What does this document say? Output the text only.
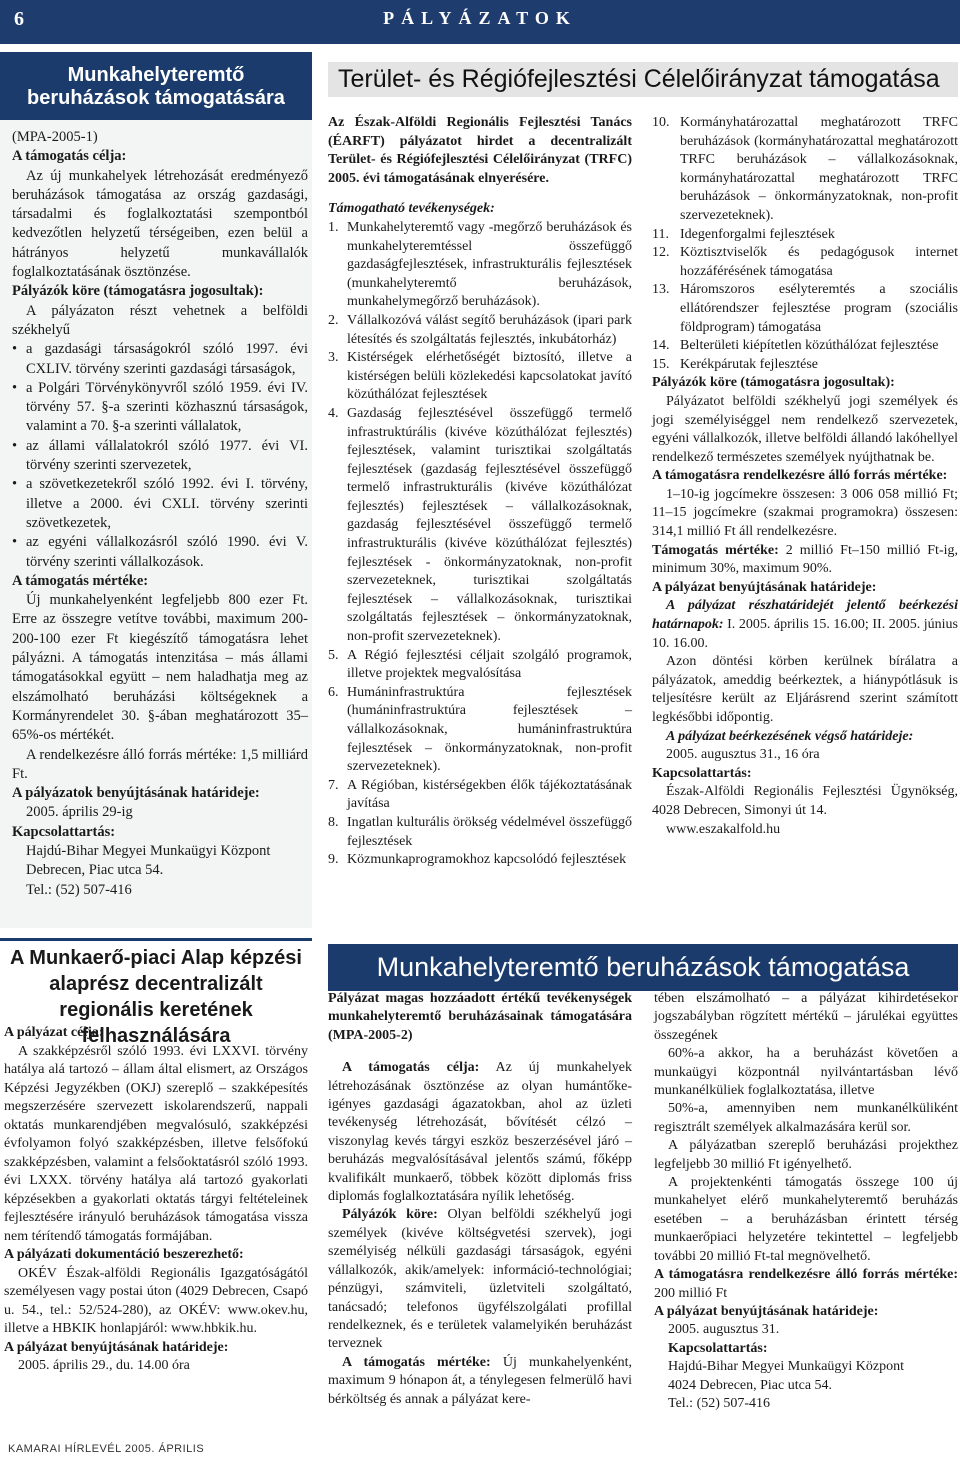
6	PÁLYÁZATOK
Munkahelyteremtő beruházások támogatására

(MPA-2005-1)

A támogatás célja:

Az új munkahelyek létrehozását eredményező beruházások támogatása az ország gazdasági, társadalmi és foglalkoztatási szempontból kedvezőtlen helyzetű térségeiben, ezen belül a hátrányos helyzetű munkavállalók foglalkoztatásának ösztönzése.

Pályázók köre (támogatásra jogosultak):

A pályázaton részt vehetnek a belföldi székhelyű

• a gazdasági társaságokról szóló 1997. évi CXLIV. törvény szerinti gazdasági társaságok,
• a Polgári Törvénykönyvről szóló 1959. évi IV. törvény 57. §-a szerinti közhasznú társaságok, valamint a 70. §-a szerinti vállalatok,
• az állami vállalatokról szóló 1977. évi VI. törvény szerinti szervezetek,
• a szövetkezetekről szóló 1992. évi I. törvény, illetve a 2000. évi CXLI. törvény szerinti szövetkezetek,
• az egyéni vállalkozásról szóló 1990. évi V. törvény szerinti vállalkozások.

A támogatás mértéke:

Új munkahelyenként legfeljebb 800 ezer Ft. Erre az összegre vetítve további, maximum 200-200-100 ezer Ft kiegészítő támogatásra lehet pályázni. A támogatás intenzitása – más állami támogatásokkal együtt – nem haladhatja meg az elszámolható beruházási költségeknek a Kormányrendelet 30. §-ában meghatározott 35–65%-os mértékét.

A rendelkezésre álló forrás mértéke: 1,5 milliárd Ft.

A pályázatok benyújtásának határideje:

2005. április 29-ig

Kapcsolattartás:

Hajdú-Bihar Megyei Munkaügyi Központ

Debrecen, Piac utca 54.

Tel.: (52) 507-416

A Munkaerő-piaci Alap képzési alaprész decentralizált regionális keretének felhasználására

A pályázat célja:

A szakképzésről szóló 1993. évi LXXVI. törvény hatálya alá tartozó – állam által elismert, az Országos Képzési Jegyzékben (OKJ) szereplő – szakképesítés megszerzésére szervezett iskolarendszerű, nappali oktatás munkarendjében megvalósuló, szakképzési évfolyamon folyó szakképzésben, illetve felsőfokú szakképzésben, valamint a felsőoktatásról szóló 1993. évi LXXX. törvény hatálya alá tartozó gyakorlati képzésekben a gyakorlati oktatás tárgyi feltételeinek fejlesztésére irányuló beruházások támogatása vissza nem térítendő támogatás formájában.

A pályázati dokumentáció beszerezhető:

OKÉV Észak-alföldi Regionális Igazgatóságától személyesen vagy postai úton (4029 Debrecen, Csapó u. 54., tel.: 52/524-280), az OKÉV: www.okev.hu, illetve a HBKIK honlapjáról: www.hbkik.hu.

A pályázat benyújtásának határideje:

2005. április 29., du. 14.00 óra

Terület- és Régiófejlesztési Célelőirányzat támogatása

Az Észak-Alföldi Regionális Fejlesztési Tanács (ÉARFT) pályázatot hirdet a decentralizált Terület- és Régiófejlesztési Célelőirányzat (TRFC) 2005. évi támogatásának elnyerésére.

Támogatható tevékenységek:

1. Munkahelyteremtő vagy -megőrző beruházások és munkahelyteremtéssel összefüggő gazdaságfejlesztések, infrastrukturális fejlesztések (munkahelyteremtő beruházások, munkahelymegőrző beruházások).
2. Vállalkozóvá válást segítő beruházások (ipari park létesítés és szolgáltatás fejlesztés, inkubátorház)
3. Kistérségek elérhetőségét biztosító, illetve a kistérségen belüli közlekedési kapcsolatokat javító közúthálózat fejlesztések
4. Gazdaság fejlesztésével összefüggő termelő infrastruktúrális (kivéve közúthálózat fejlesztés) fejlesztések, valamint turisztikai szolgáltatás fejlesztések (gazdaság fejlesztésével összefüggő termelő infrastrukturális (kivéve közúthálózat fejlesztés) fejlesztések – vállalkozásoknak, gazdaság fejlesztésével összefüggő termelő infrastrukturális (kivéve közúthálózat fejlesztés) fejlesztések - önkormányzatoknak, non-profit szervezeteknek, turisztikai szolgáltatás fejlesztések – vállalkozásoknak, turisztikai szolgáltatás fejlesztések – önkormányzatoknak, non-profit szervezeteknek).
5. A Régió fejlesztési céljait szolgáló programok, illetve projektek megvalósítása
6. Humáninfrastruktúra fejlesztések (humáninfrastruktúra fejlesztések – vállalkozásoknak, humáninfrastruktúra fejlesztések – önkormányzatoknak, non-profit szervezeteknek).
7. A Régióban, kistérségekben élők tájékoztatásának javítása
8. Ingatlan kulturális örökség védelmével összefüggő fejlesztések
9. Közmunkaprogramokhoz kapcsolódó fejlesztések
10. Kormányhatározattal meghatározott TRFC beruházások (kormányhatározattal meghatározott TRFC beruházások – vállalkozásoknak, kormányhatározattal meghatározott TRFC beruházások – önkormányzatoknak, non-profit szervezeteknek).
11. Idegenforgalmi fejlesztések
12. Köztisztviselők és pedagógusok internet hozzáférésének támogatása
13. Háromszoros esélyteremtés a szociális ellátórendszer fejlesztése program (szociális földprogram) támogatása
14. Belterületi kiépítetlen közúthálózat fejlesztése
15. Kerékpárutak fejlesztése

Pályázók köre (támogatásra jogosultak):

Pályázatot belföldi székhelyű jogi személyek és jogi személyiséggel nem rendelkező szervezetek, egyéni vállalkozók, illetve belföldi állandó lakóhellyel rendelkező természetes személyek nyújthatnak be.

A támogatásra rendelkezésre álló forrás mértéke:

1–10-ig jogcímekre összesen: 3 006 058 millió Ft; 11–15 jogcímekre (szakmai programokra) összesen: 314,1 millió Ft áll rendelkezésre.

Támogatás mértéke: 2 millió Ft–150 millió Ft-ig, minimum 30%, maximum 90%.

A pályázat benyújtásának határideje:

A pályázat részhatáridejét jelentő beérkezési határnapok: I. 2005. április 15. 16.00; II. 2005. június 10. 16.00.

Azon döntési körben kerülnek bírálatra a pályázatok, ameddig beérkeztek, a hiánypótlásuk is teljesítésre került az Eljárásrend szerint számított legkésőbbi időpontig.

A pályázat beérkezésének végső határideje:

2005. augusztus 31., 16 óra

Kapcsolattartás:

Észak-Alföldi Regionális Fejlesztési Ügynökség, 4028 Debrecen, Simonyi út 14.

www.eszakalfold.hu

Munkahelyteremtő beruházások támogatása

Pályázat magas hozzáadott értékű tevékenységek munkahelyteremtő beruházásainak támogatására (MPA-2005-2)

A támogatás célja: Az új munkahelyek létrehozásának ösztönzése az olyan humántőke-igényes gazdasági ágazatokban, ahol az üzleti tevékenység létrehozását, bővítését célzó – viszonylag kevés tárgyi eszköz beszerzésével járó – beruházás megvalósításával jelentős számú, főképp kvalifikált munkaerő, többek között diplomás friss diplomás foglalkoztatására nyílik lehetőség.

Pályázók köre: Olyan belföldi székhelyű jogi személyek (kivéve költségvetési szervek), jogi személyiség nélküli gazdasági társaságok, egyéni vállalkozók, akik/amelyek: információ-technológiai; pénzügyi, számviteli, üzletviteli szolgáltató, tanácsadó; telefonos ügyfélszolgálati profillal rendelkeznek, és e területek valamelyikén beruházást terveznek

A támogatás mértéke: Új munkahelyenként, maximum 9 hónapon át, a ténylegesen felmerülő havi bérköltség és annak a pályázat kere-

tében elszámolható – a pályázat kihirdetésekor jogszabályban rögzített mértékű – járulékai együttes összegének

60%-a akkor, ha a beruházást követően a munkaügyi központnál nyilvántartásban lévő munkanélküliek foglalkoztatása, illetve

50%-a, amennyiben nem munkanélküliként regisztrált személyek alkalmazására kerül sor.

A pályázatban szereplő beruházási projekthez legfeljebb 30 millió Ft igényelhető.

A projektenkénti támogatás összege 100 új munkahelyet elérő munkahelyteremtő beruházás esetében – a beruházásban érintett térség munkaerőpiaci helyzetére tekintettel – legfeljebb további 20 millió Ft-tal megnövelhető.

A támogatásra rendelkezésre álló forrás mértéke: 200 millió Ft

A pályázat benyújtásának határideje:

2005. augusztus 31.

Kapcsolattartás:

Hajdú-Bihar Megyei Munkaügyi Központ

4024 Debrecen, Piac utca 54.

Tel.: (52) 507-416

KAMARAI HÍRLEVÉL 2005. ÁPRILIS
